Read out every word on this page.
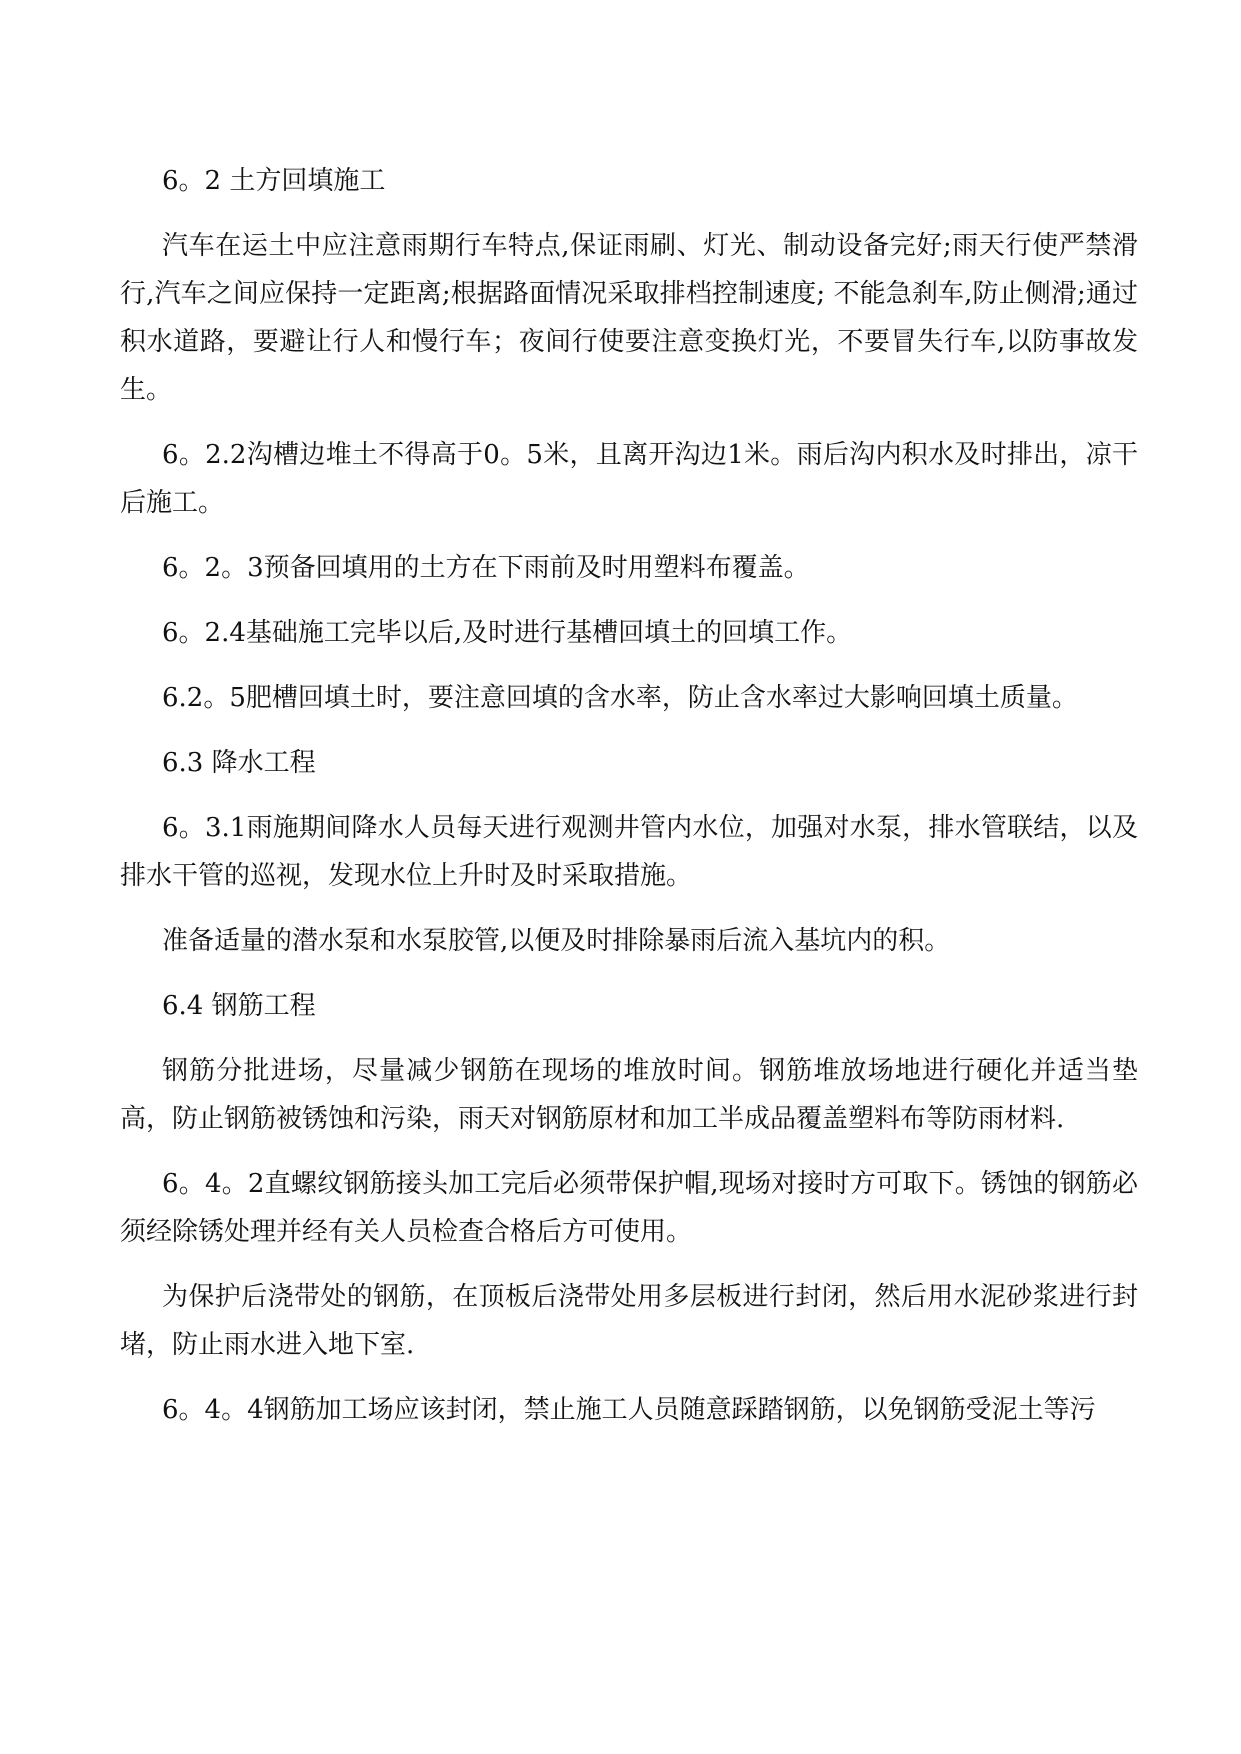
6。2 土方回填施工

汽车在运土中应注意雨期行车特点,保证雨刷、灯光、制动设备完好;雨天行使严禁滑行,汽车之间应保持一定距离;根据路面情况采取排档控制速度; 不能急刹车,防止侧滑;通过积水道路，要避让行人和慢行车；夜间行使要注意变换灯光，不要冒失行车,以防事故发生。

6。2.2沟槽边堆土不得高于0。5米，且离开沟边1米。雨后沟内积水及时排出，凉干后施工。

6。2。3预备回填用的土方在下雨前及时用塑料布覆盖。

6。2.4基础施工完毕以后,及时进行基槽回填土的回填工作。

6.2。5肥槽回填土时，要注意回填的含水率，防止含水率过大影响回填土质量。

6.3 降水工程

6。3.1雨施期间降水人员每天进行观测井管内水位，加强对水泵，排水管联结，以及排水干管的巡视，发现水位上升时及时采取措施。

准备适量的潜水泵和水泵胶管,以便及时排除暴雨后流入基坑内的积。

6.4 钢筋工程

钢筋分批进场，尽量减少钢筋在现场的堆放时间。钢筋堆放场地进行硬化并适当垫高，防止钢筋被锈蚀和污染，雨天对钢筋原材和加工半成品覆盖塑料布等防雨材料.

6。4。2直螺纹钢筋接头加工完后必须带保护帽,现场对接时方可取下。锈蚀的钢筋必须经除锈处理并经有关人员检查合格后方可使用。

为保护后浇带处的钢筋，在顶板后浇带处用多层板进行封闭，然后用水泥砂浆进行封堵，防止雨水进入地下室.

6。4。4钢筋加工场应该封闭，禁止施工人员随意踩踏钢筋，以免钢筋受泥土等污
